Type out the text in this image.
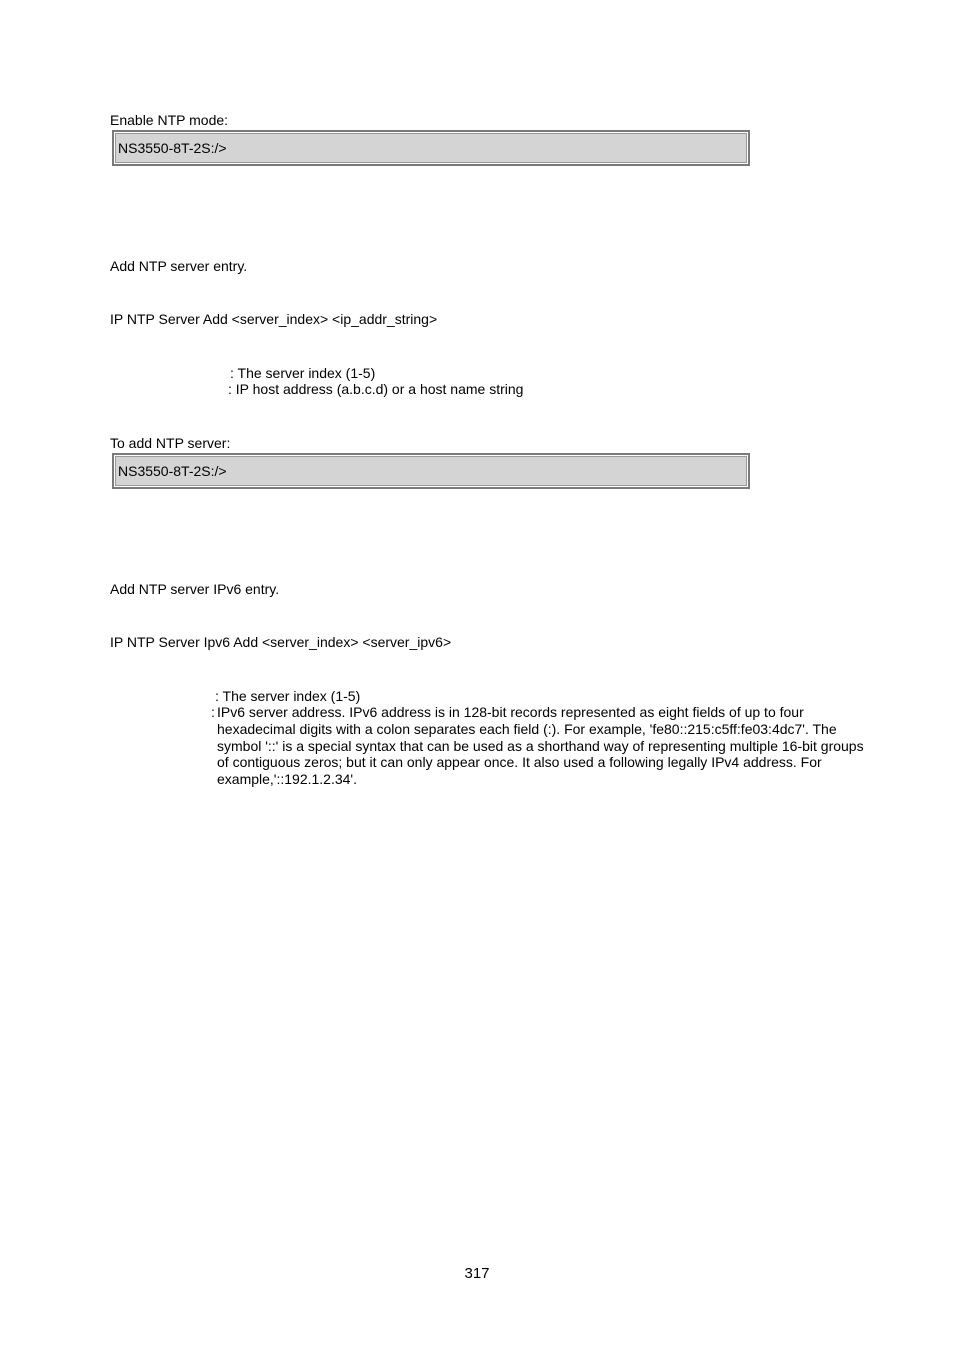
Enable NTP mode:
NS3550-8T-2S:/>
Add NTP server entry.
IP NTP Server Add <server_index> <ip_addr_string>
: The server index (1-5)
: IP host address (a.b.c.d) or a host name string
To add NTP server:
NS3550-8T-2S:/>
Add NTP server IPv6 entry.
IP NTP Server Ipv6 Add <server_index> <server_ipv6>
: The server index (1-5)
: IPv6 server address. IPv6 address is in 128-bit records represented as eight fields of up to four
hexadecimal digits with a colon separates each field (:). For example, 'fe80::215:c5ff:fe03:4dc7'. The
symbol '::' is a special syntax that can be used as a shorthand way of representing multiple 16-bit groups
of contiguous zeros; but it can only appear once. It also used a following legally IPv4 address. For
example,'::192.1.2.34'.
317
